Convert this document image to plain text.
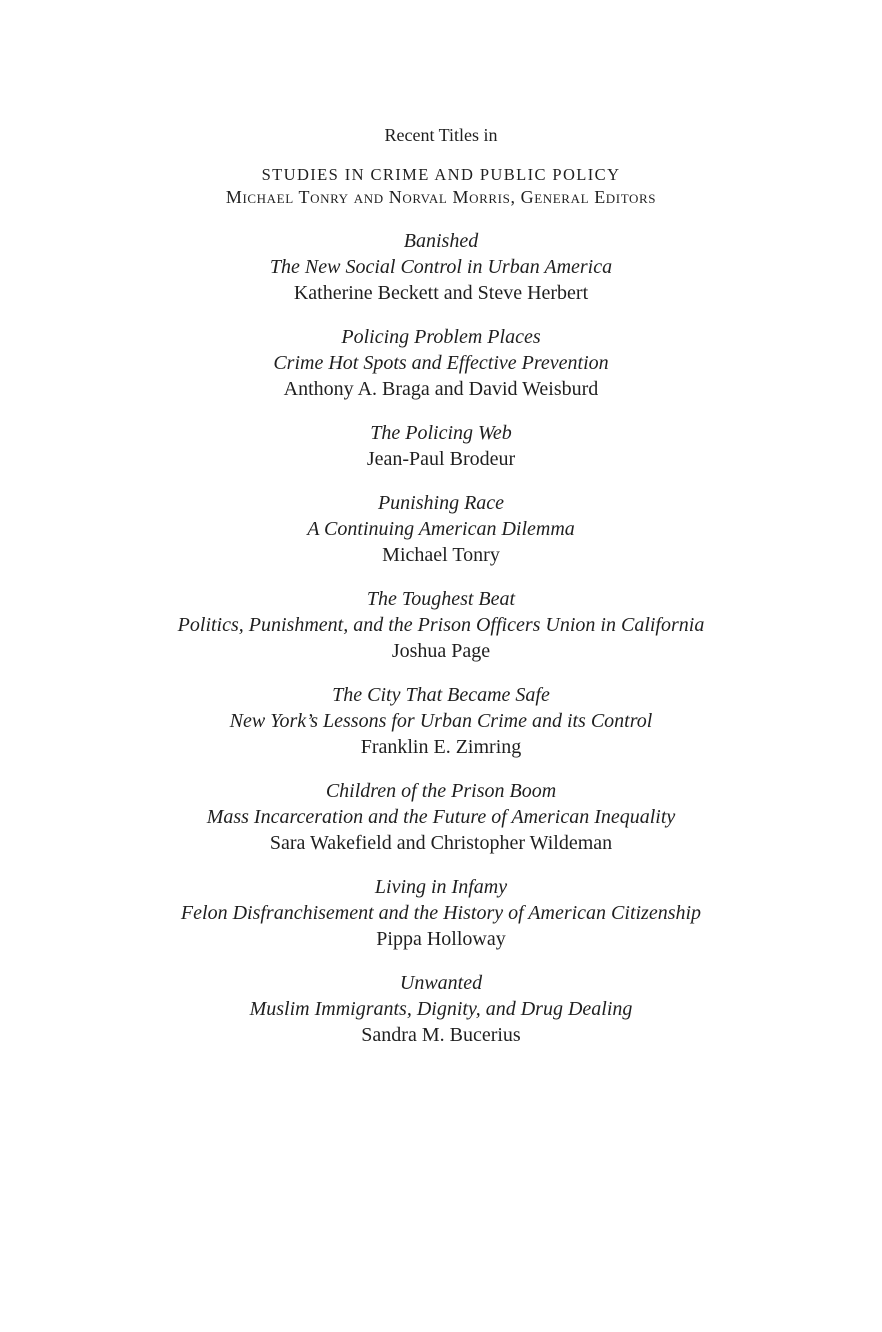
Recent Titles in
STUDIES IN CRIME AND PUBLIC POLICY
Michael Tonry and Norval Morris, General Editors
Banished
The New Social Control in Urban America
Katherine Beckett and Steve Herbert
Policing Problem Places
Crime Hot Spots and Effective Prevention
Anthony A. Braga and David Weisburd
The Policing Web
Jean-Paul Brodeur
Punishing Race
A Continuing American Dilemma
Michael Tonry
The Toughest Beat
Politics, Punishment, and the Prison Officers Union in California
Joshua Page
The City That Became Safe
New York’s Lessons for Urban Crime and its Control
Franklin E. Zimring
Children of the Prison Boom
Mass Incarceration and the Future of American Inequality
Sara Wakefield and Christopher Wildeman
Living in Infamy
Felon Disfranchisement and the History of American Citizenship
Pippa Holloway
Unwanted
Muslim Immigrants, Dignity, and Drug Dealing
Sandra M. Bucerius
